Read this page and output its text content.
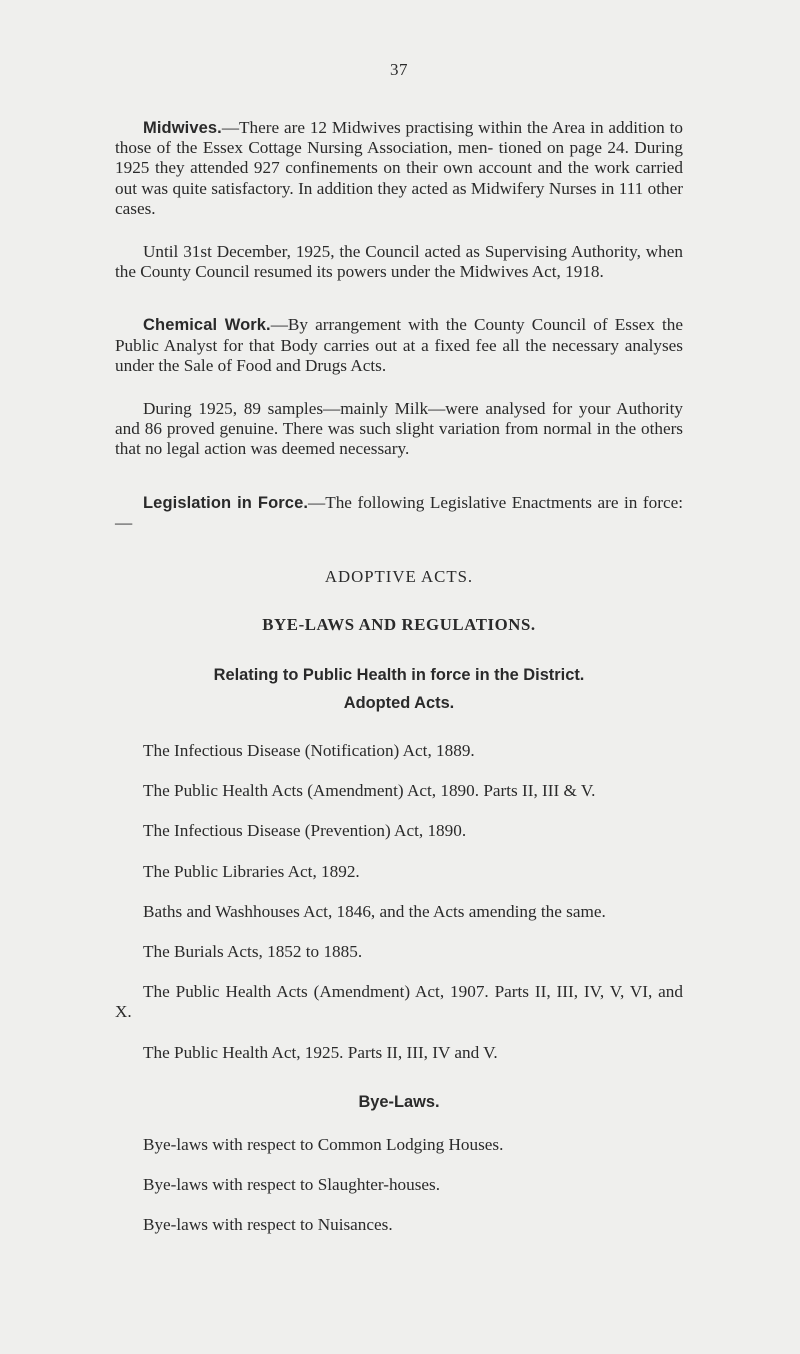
37

Midwives.—There are 12 Midwives practising within the Area in addition to those of the Essex Cottage Nursing Association, men- tioned on page 24. During 1925 they attended 927 confinements on their own account and the work carried out was quite satisfactory. In addition they acted as Midwifery Nurses in 111 other cases.

Until 31st December, 1925, the Council acted as Supervising Authority, when the County Council resumed its powers under the Midwives Act, 1918.

Chemical Work.—By arrangement with the County Council of Essex the Public Analyst for that Body carries out at a fixed fee all the necessary analyses under the Sale of Food and Drugs Acts.

During 1925, 89 samples—mainly Milk—were analysed for your Authority and 86 proved genuine. There was such slight variation from normal in the others that no legal action was deemed necessary.

Legislation in Force.—The following Legislative Enactments are in force:—

ADOPTIVE ACTS.
BYE-LAWS AND REGULATIONS.
Relating to Public Health in force in the District.
Adopted Acts.

The Infectious Disease (Notification) Act, 1889.

The Public Health Acts (Amendment) Act, 1890. Parts II, III & V.

The Infectious Disease (Prevention) Act, 1890.

The Public Libraries Act, 1892.

Baths and Washhouses Act, 1846, and the Acts amending the same.

The Burials Acts, 1852 to 1885.

The Public Health Acts (Amendment) Act, 1907. Parts II, III, IV, V, VI, and X.

The Public Health Act, 1925. Parts II, III, IV and V.

Bye-Laws.

Bye-laws with respect to Common Lodging Houses.

Bye-laws with respect to Slaughter-houses.

Bye-laws with respect to Nuisances.
